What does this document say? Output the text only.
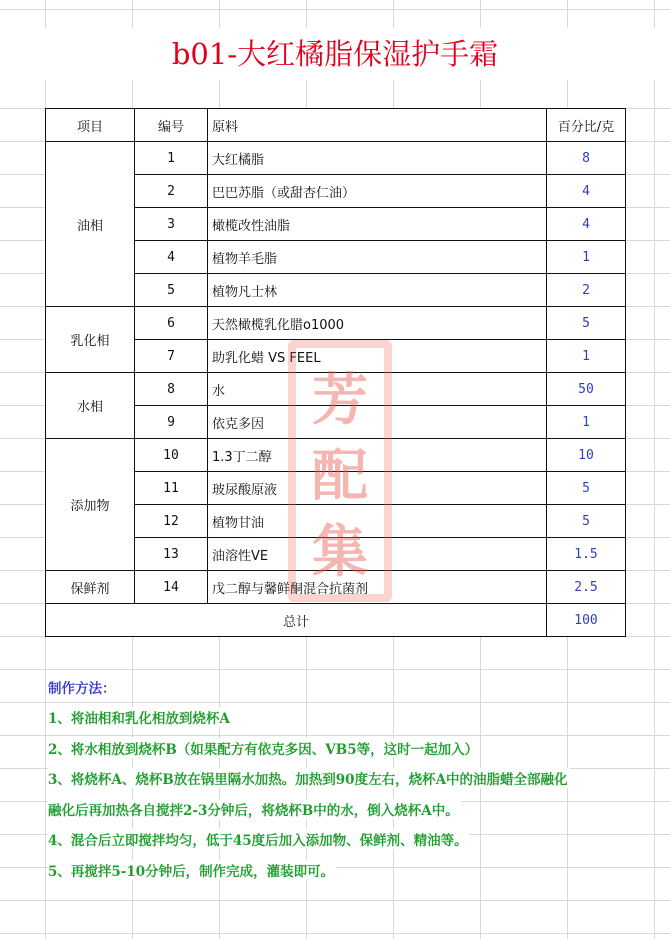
b01-大红橘脂保湿护手霜
项目	编号	原料	百分比/克
油相	1	大红橘脂	8
	2	巴巴苏脂（或甜杏仁油）	4
	3	橄榄改性油脂	4
	4	植物羊毛脂	1
	5	植物凡士林	2
乳化相	6	天然橄榄乳化腊o1000	5
	7	助乳化蜡 VS FEEL	1
水相	8	水	50
	9	依克多因	1
添加物	10	1.3丁二醇	10
	11	玻尿酸原液	5
	12	植物甘油	5
	13	油溶性VE	1.5
保鲜剂	14	戊二醇与馨鲜酮混合抗菌剂	2.5
总计			100
芳
配
集
制作方法：
1、将油相和乳化相放到烧杯A
2、将水相放到烧杯B（如果配方有依克多因、VB5等，这时一起加入）
3、将烧杯A、烧杯B放在锅里隔水加热。加热到90度左右，烧杯A中的油脂蜡全部融化
融化后再加热各自搅拌2-3分钟后，将烧杯B中的水，倒入烧杯A中。
4、混合后立即搅拌均匀，低于45度后加入添加物、保鲜剂、精油等。
5、再搅拌5-10分钟后，制作完成，灌装即可。
